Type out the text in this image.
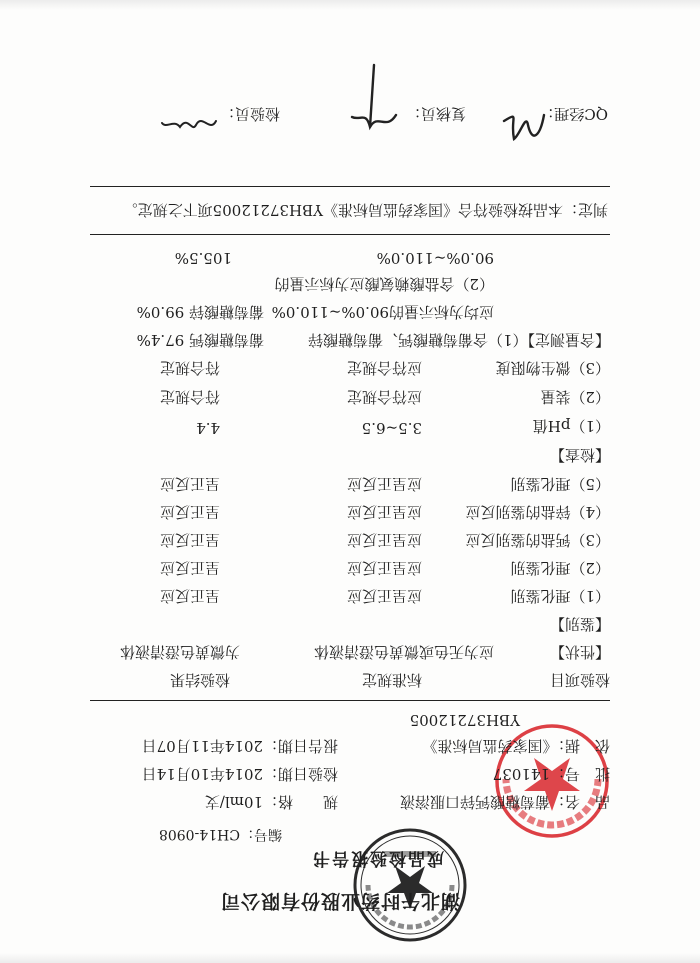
湖北午时药业股份有限公司
成品检验报告书
编号：CH14-0908
品　名：葡萄糖酸钙锌口服溶液
规　　格：10ml/支
批　号：141037
检验日期：2014年10月14日
依　据：《国家药监局标准》
报告日期：2014年11月07日
YBH37212005
检验项目
标准规定
检验结果
【性状】
应为无色或微黄色澄清液体
为微黄色澄清液体
【鉴别】
（1）理化鉴别
应呈正反应
呈正反应
（2）理化鉴别
应呈正反应
呈正反应
（3）钙盐的鉴别反应
应呈正反应
呈正反应
（4）锌盐的鉴别反应
应呈正反应
呈正反应
（5）理化鉴别
应呈正反应
呈正反应
【检查】
（1）pH值
3.5~6.5
4.4
（2）装量
应符合规定
符合规定
（3）微生物限度
应符合规定
符合规定
【含量测定】（1）含葡萄糖酸钙、葡萄糖酸锌
葡萄糖酸钙 97.4%
应均为标示量的90.0%~110.0%
葡萄糖酸锌 99.0%
（2）含盐酸赖氨酸应为标示量的
90.0%~110.0%
105.5%
判定：本品按检验符合《国家药监局标准》YBH37212005项下之规定。
QC经理：
复核员：
检验员：
